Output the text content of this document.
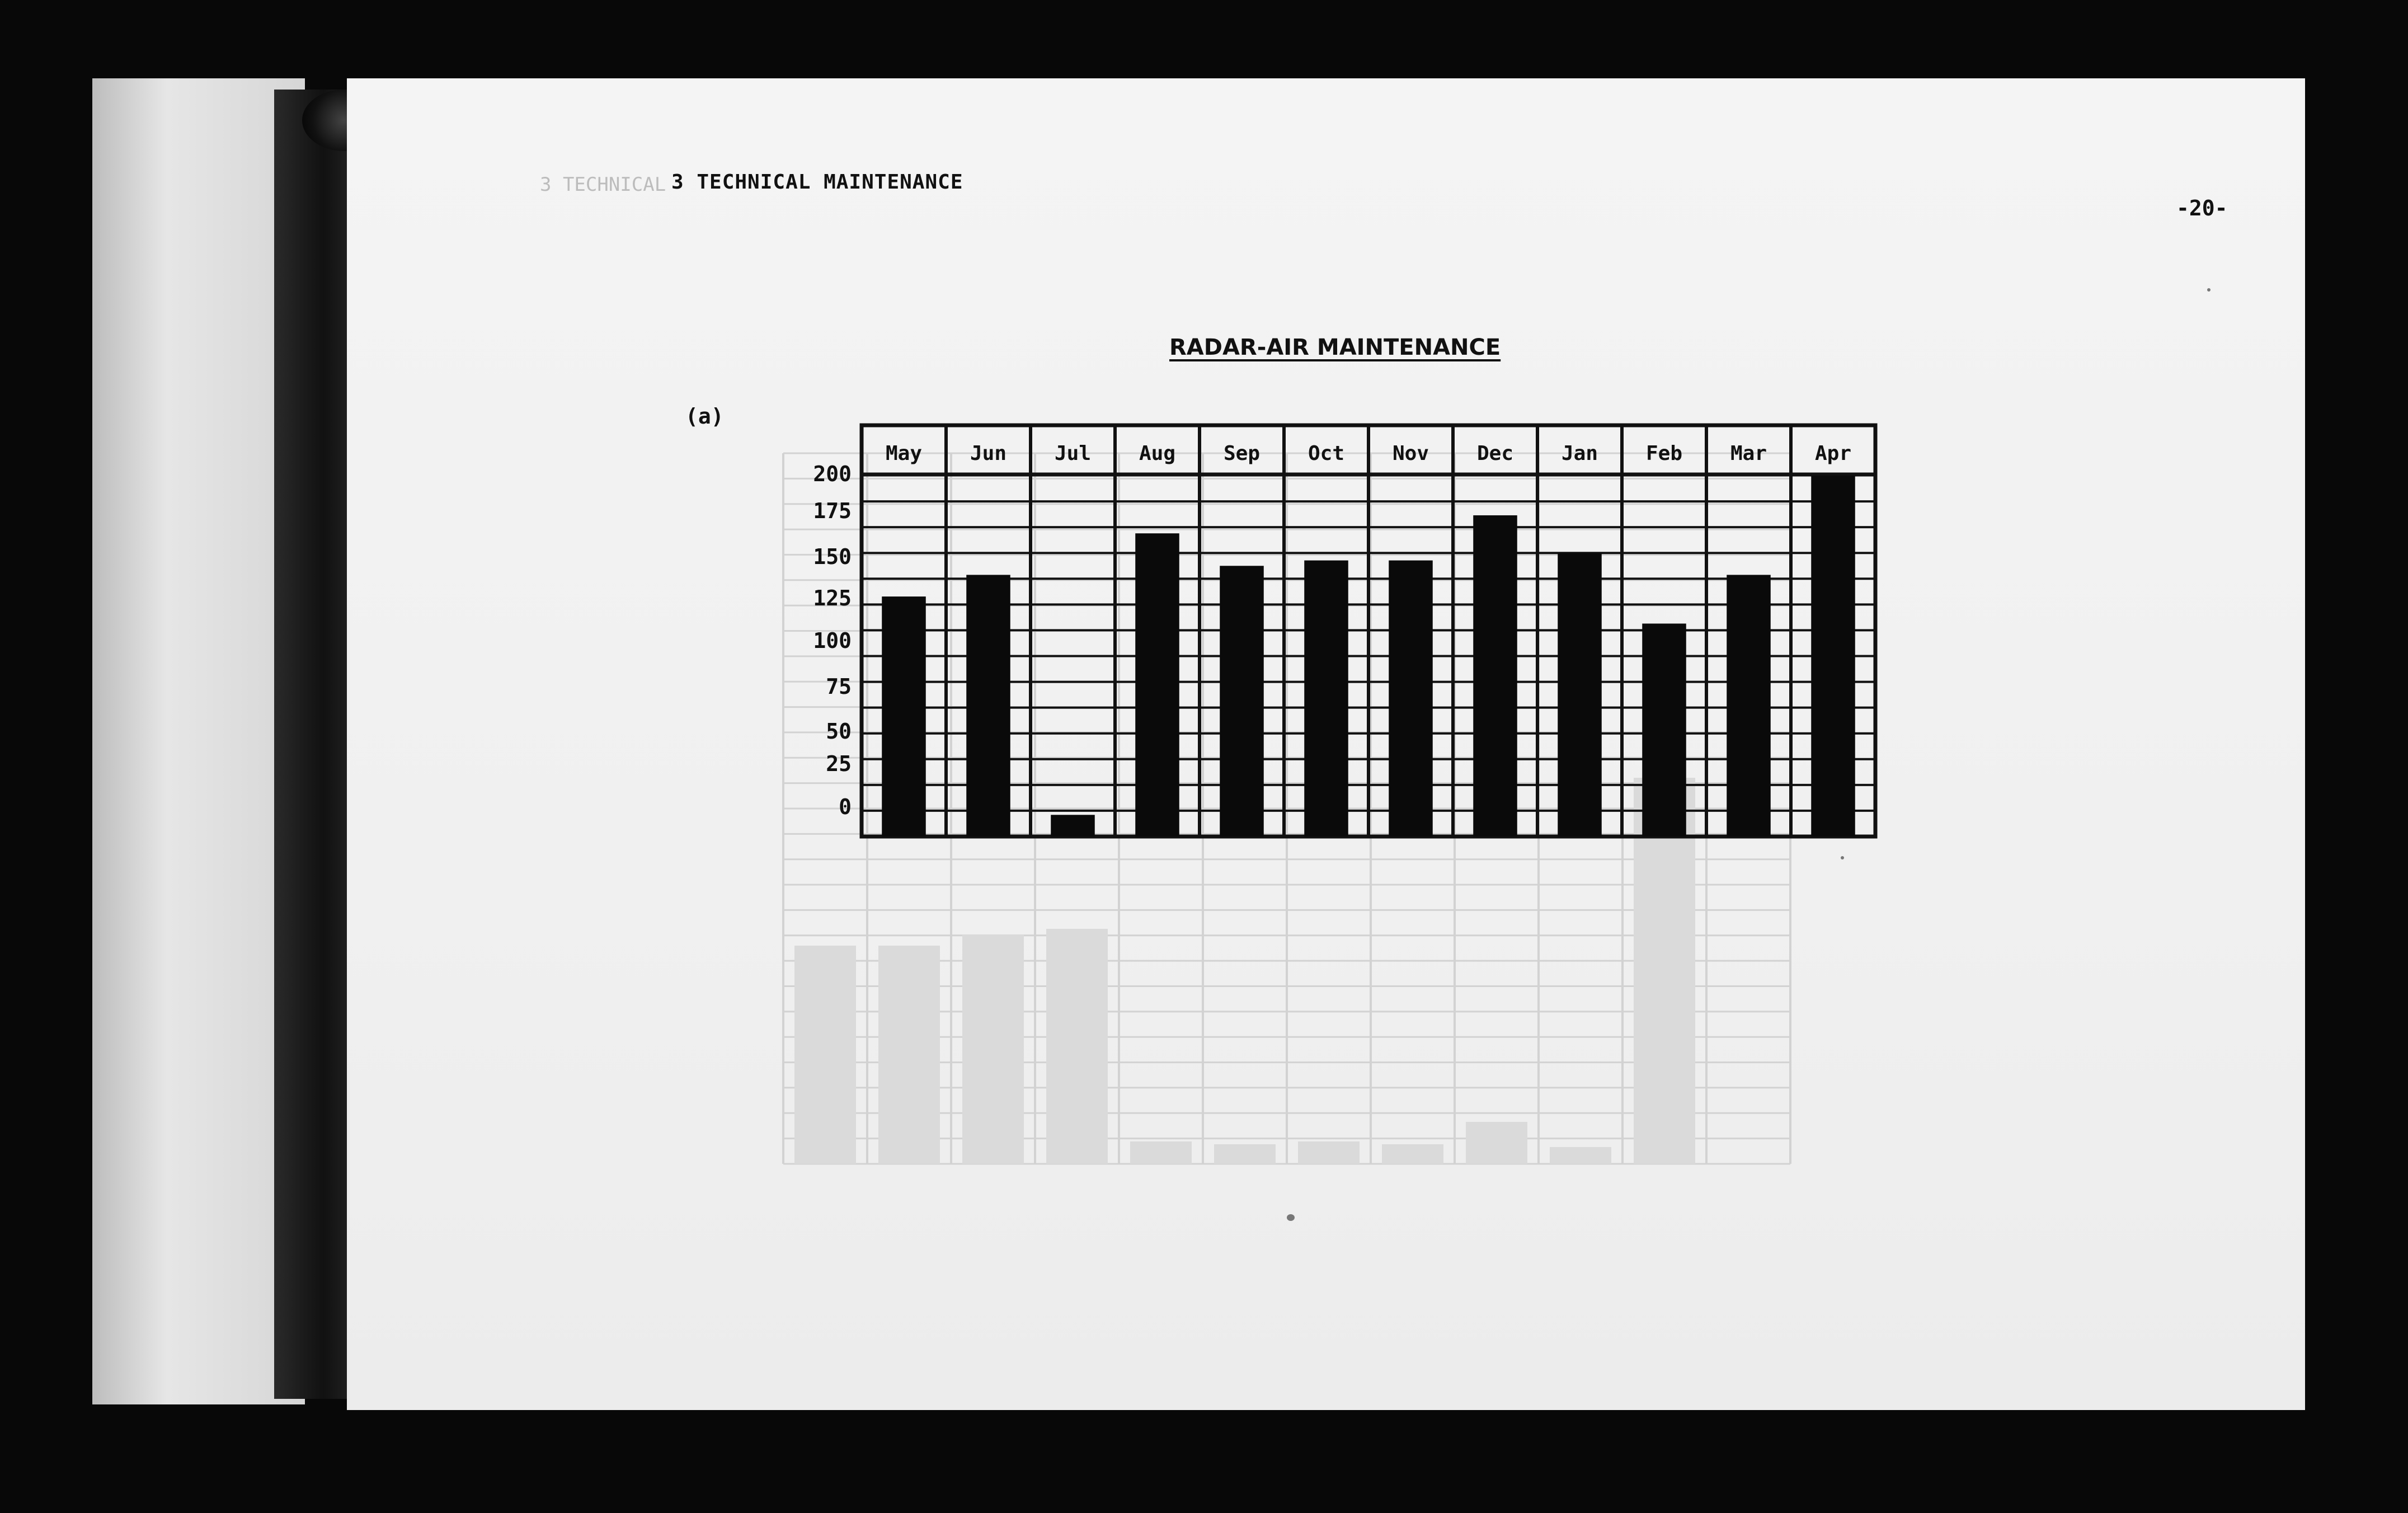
3 TECHNICAL 3 TECHNICAL MAINTENANCE
-20-
RADAR-AIR MAINTENANCE
(a)
0
25
50
75
100
125
150
175
200
May Jun Jul Aug Sep Oct Nov Dec Jan Feb Mar Apr
